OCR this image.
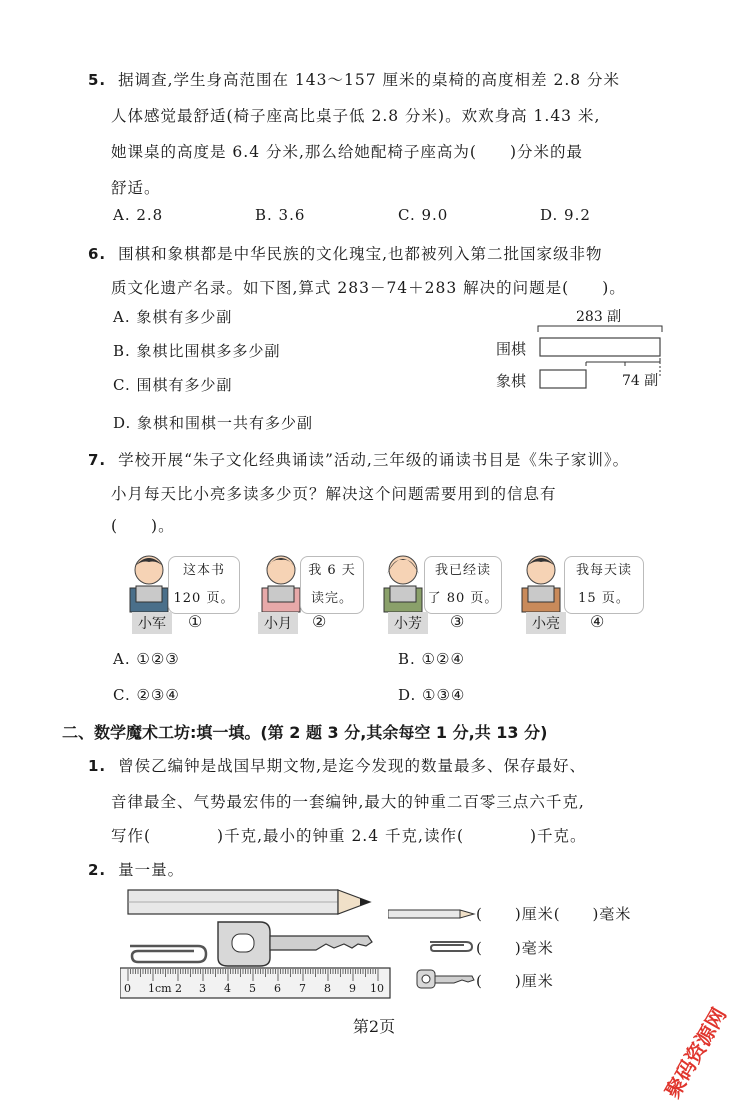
5. 据调查,学生身高范围在 143～157 厘米的桌椅的高度相差 2.8 分米
人体感觉最舒适(椅子座高比桌子低 2.8 分米)。欢欢身高 1.43 米,
她课桌的高度是 6.4 分米,那么给她配椅子座高为(　　)分米的最
舒适。
A. 2.8	B. 3.6	C. 9.0	D. 9.2
6. 围棋和象棋都是中华民族的文化瑰宝,也都被列入第二批国家级非物
质文化遗产名录。如下图,算式 283－74＋283 解决的问题是(　　)。
A. 象棋有多少副
B. 象棋比围棋多多少副
C. 围棋有多少副
D. 象棋和围棋一共有多少副
283 副
围棋
象棋	74 副
7. 学校开展“朱子文化经典诵读”活动,三年级的诵读书目是《朱子家训》。
小月每天比小亮多读多少页？解决这个问题需要用到的信息有
(　　)。
这本书
120 页。
小军	①
我 6 天
读完。
小月	②
我已经读
了 80 页。
小芳	③
我每天读
15 页。
小亮	④
A. ①②③	B. ①②④
C. ②③④	D. ①③④
二、数学魔术工坊:填一填。(第 2 题 3 分,其余每空 1 分,共 13 分)
1. 曾侯乙编钟是战国早期文物,是迄今发现的数量最多、保存最好、
音律最全、气势最宏伟的一套编钟,最大的钟重二百零三点六千克,
写作(　　　　)千克,最小的钟重 2.4 千克,读作(　　　　)千克。
2. 量一量。
0 1cm 2 3 4 5 6 7 8 9 10
(　　)厘米(　　)毫米
(　　)毫米
(　　)厘米
第2页	聚码资源网
